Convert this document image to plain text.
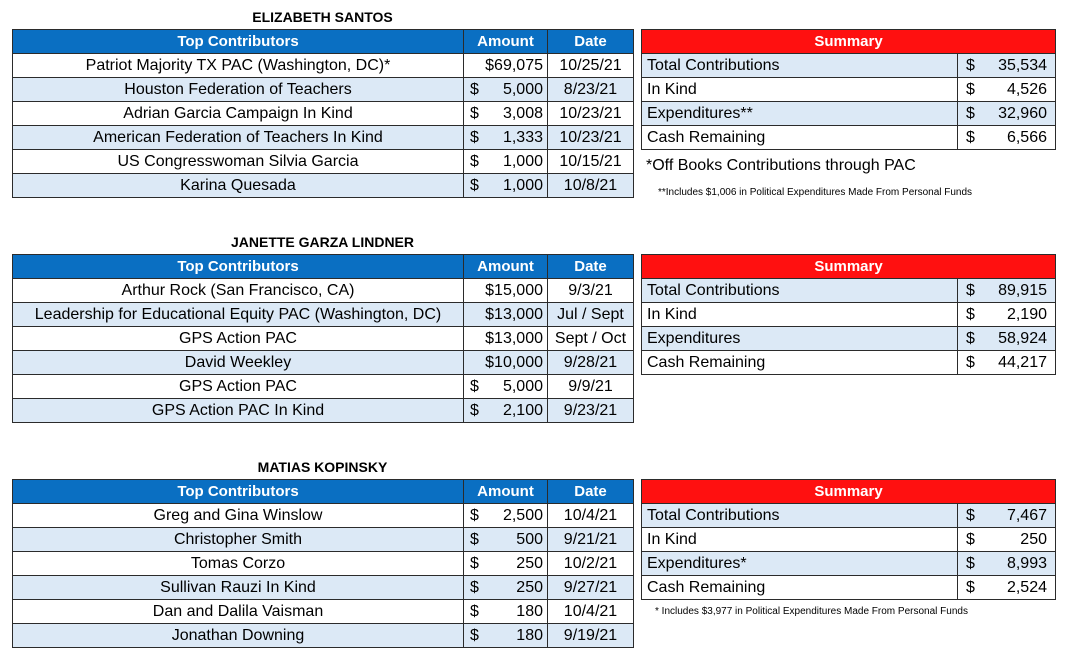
ELIZABETH SANTOS
Top Contributors	Amount	Date
Patriot Majority TX PAC (Washington, DC)*	$69,075	10/25/21
Houston Federation of Teachers	$ 5,000	8/23/21
Adrian Garcia Campaign In Kind	$ 3,008	10/23/21
American Federation of Teachers In Kind	$ 1,333	10/23/21
US Congresswoman Silvia Garcia	$ 1,000	10/15/21
Karina Quesada	$ 1,000	10/8/21
Summary	
Total Contributions	$ 35,534

In Kind	$ 4,526

Expenditures**	$ 32,960

Cash Remaining	$ 6,566
*Off Books Contributions through PAC
**Includes $1,006 in Political Expenditures Made From Personal Funds
JANETTE GARZA LINDNER
Top Contributors	Amount	Date
Arthur Rock (San Francisco, CA)	$15,000	9/3/21
Leadership for Educational Equity PAC (Washington, DC)	$13,000	Jul / Sept
GPS Action PAC	$13,000	Sept / Oct
David Weekley	$10,000	9/28/21
GPS Action PAC	$ 5,000	9/9/21
GPS Action PAC In Kind	$ 2,100	9/23/21
Summary	
Total Contributions	$ 89,915

In Kind	$ 2,190

Expenditures	$ 58,924

Cash Remaining	$ 44,217
MATIAS KOPINSKY
Top Contributors	Amount	Date
Greg and Gina Winslow	$ 2,500	10/4/21
Christopher Smith	$ 500	9/21/21
Tomas Corzo	$ 250	10/2/21
Sullivan Rauzi In Kind	$ 250	9/27/21
Dan and Dalila Vaisman	$ 180	10/4/21
Jonathan Downing	$ 180	9/19/21
Summary	
Total Contributions	$ 7,467

In Kind	$ 250

Expenditures*	$ 8,993

Cash Remaining	$ 2,524
* Includes $3,977 in Political Expenditures Made From Personal Funds
